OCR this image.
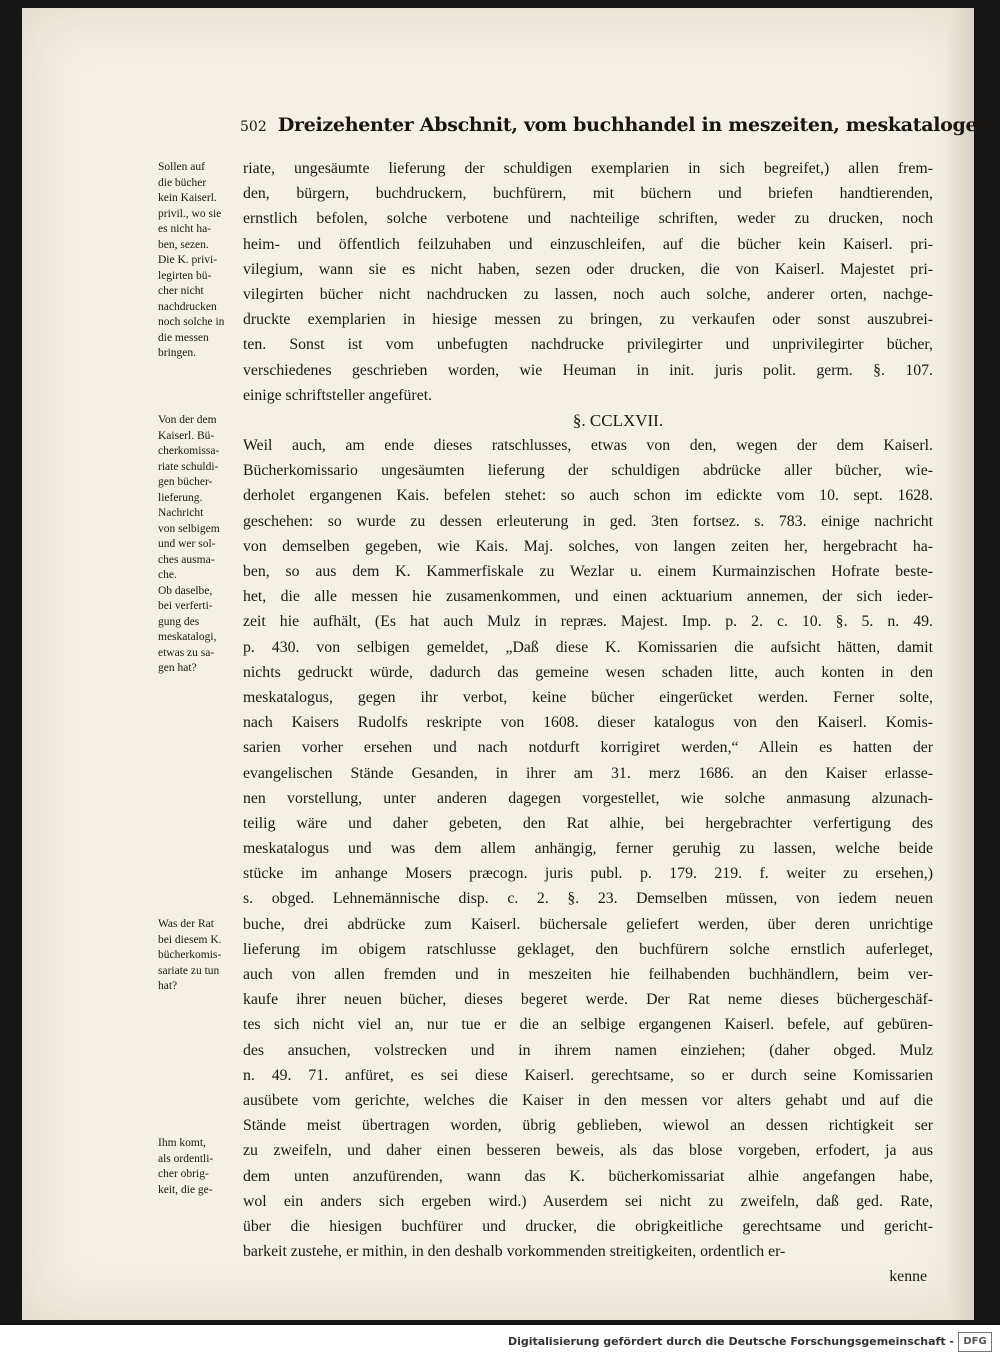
502 Dreizehenter Abschnit, vom buchhandel in meszeiten, meskatalogen,
Sollen auf
die bücher
kein Kaiserl.
privil., wo sie
es nicht ha-
ben, sezen.
Die K. privi-
legirten bü-
cher nicht
nachdrucken
noch solche in
die messen
bringen.
Von der dem
Kaiserl. Bü-
cherkomissa-
riate schuldi-
gen bücher-
lieferung.
Nachricht
von selbigem
und wer sol-
ches ausma-
che.
Ob daselbe,
bei verferti-
gung des
meskatalogi,
etwas zu sa-
gen hat?
Was der Rat
bei diesem K.
bücherkomis-
sariate zu tun
hat?
Ihm komt,
als ordentli-
cher obrig-
keit, die ge-
riate, ungesäumte lieferung der schuldigen exemplarien in sich begreifet,) allen frem-
den, bürgern, buchdruckern, buchfürern, mit büchern und briefen handtierenden,
ernstlich befolen, solche verbotene und nachteilige schriften, weder zu drucken, noch
heim- und öffentlich feilzuhaben und einzuschleifen, auf die bücher kein Kaiserl. pri-
vilegium, wann sie es nicht haben, sezen oder drucken, die von Kaiserl. Majestet pri-
vilegirten bücher nicht nachdrucken zu lassen, noch auch solche, anderer orten, nachge-
druckte exemplarien in hiesige messen zu bringen, zu verkaufen oder sonst auszubrei-
ten. Sonst ist vom unbefugten nachdrucke privilegirter und unprivilegirter bücher,
verschiedenes geschrieben worden, wie Heuman in init. juris polit. germ. §. 107.
einige schriftsteller angefüret.
§. CCLXVII.
Weil auch, am ende dieses ratschlusses, etwas von den, wegen der dem Kaiserl.
Bücherkomissario ungesäumten lieferung der schuldigen abdrücke aller bücher, wie-
derholet ergangenen Kais. befelen stehet: so auch schon im edickte vom 10. sept. 1628.
geschehen: so wurde zu dessen erleuterung in ged. 3ten fortsez. s. 783. einige nachricht
von demselben gegeben, wie Kais. Maj. solches, von langen zeiten her, hergebracht ha-
ben, so aus dem K. Kammerfiskale zu Wezlar u. einem Kurmainzischen Hofrate beste-
het, die alle messen hie zusamenkommen, und einen acktuarium annemen, der sich ieder-
zeit hie aufhält, (Es hat auch Mulz in repræs. Majest. Imp. p. 2. c. 10. §. 5. n. 49.
p. 430. von selbigen gemeldet, „Daß diese K. Komissarien die aufsicht hätten, damit
nichts gedruckt würde, dadurch das gemeine wesen schaden litte, auch konten in den
meskatalogus, gegen ihr verbot, keine bücher eingerücket werden. Ferner solte,
nach Kaisers Rudolfs reskripte von 1608. dieser katalogus von den Kaiserl. Komis-
sarien vorher ersehen und nach notdurft korrigiret werden,“ Allein es hatten der
evangelischen Stände Gesanden, in ihrer am 31. merz 1686. an den Kaiser erlasse-
nen vorstellung, unter anderen dagegen vorgestellet, wie solche anmasung alzunach-
teilig wäre und daher gebeten, den Rat alhie, bei hergebrachter verfertigung des
meskatalogus und was dem allem anhängig, ferner geruhig zu lassen, welche beide
stücke im anhange Mosers præcogn. juris publ. p. 179. 219. f. weiter zu ersehen,)
s. obged. Lehnemännische disp. c. 2. §. 23. Demselben müssen, von iedem neuen
buche, drei abdrücke zum Kaiserl. büchersale geliefert werden, über deren unrichtige
lieferung im obigem ratschlusse geklaget, den buchfürern solche ernstlich auferleget,
auch von allen fremden und in meszeiten hie feilhabenden buchhändlern, beim ver-
kaufe ihrer neuen bücher, dieses begeret werde. Der Rat neme dieses büchergeschäf-
tes sich nicht viel an, nur tue er die an selbige ergangenen Kaiserl. befele, auf gebüren-
des ansuchen, volstrecken und in ihrem namen einziehen; (daher obged. Mulz
n. 49. 71. anfüret, es sei diese Kaiserl. gerechtsame, so er durch seine Komissarien
ausübete vom gerichte, welches die Kaiser in den messen vor alters gehabt und auf die
Stände meist übertragen worden, übrig geblieben, wiewol an dessen richtigkeit ser
zu zweifeln, und daher einen besseren beweis, als das blose vorgeben, erfodert, ja aus
dem unten anzufürenden, wann das K. bücherkomissariat alhie angefangen habe,
wol ein anders sich ergeben wird.) Auserdem sei nicht zu zweifeln, daß ged. Rate,
über die hiesigen buchfürer und drucker, die obrigkeitliche gerechtsame und gericht-
barkeit zustehe, er mithin, in den deshalb vorkommenden streitigkeiten, ordentlich er-
kenne
Digitalisierung gefördert durch die Deutsche Forschungsgemeinschaft - DFG
